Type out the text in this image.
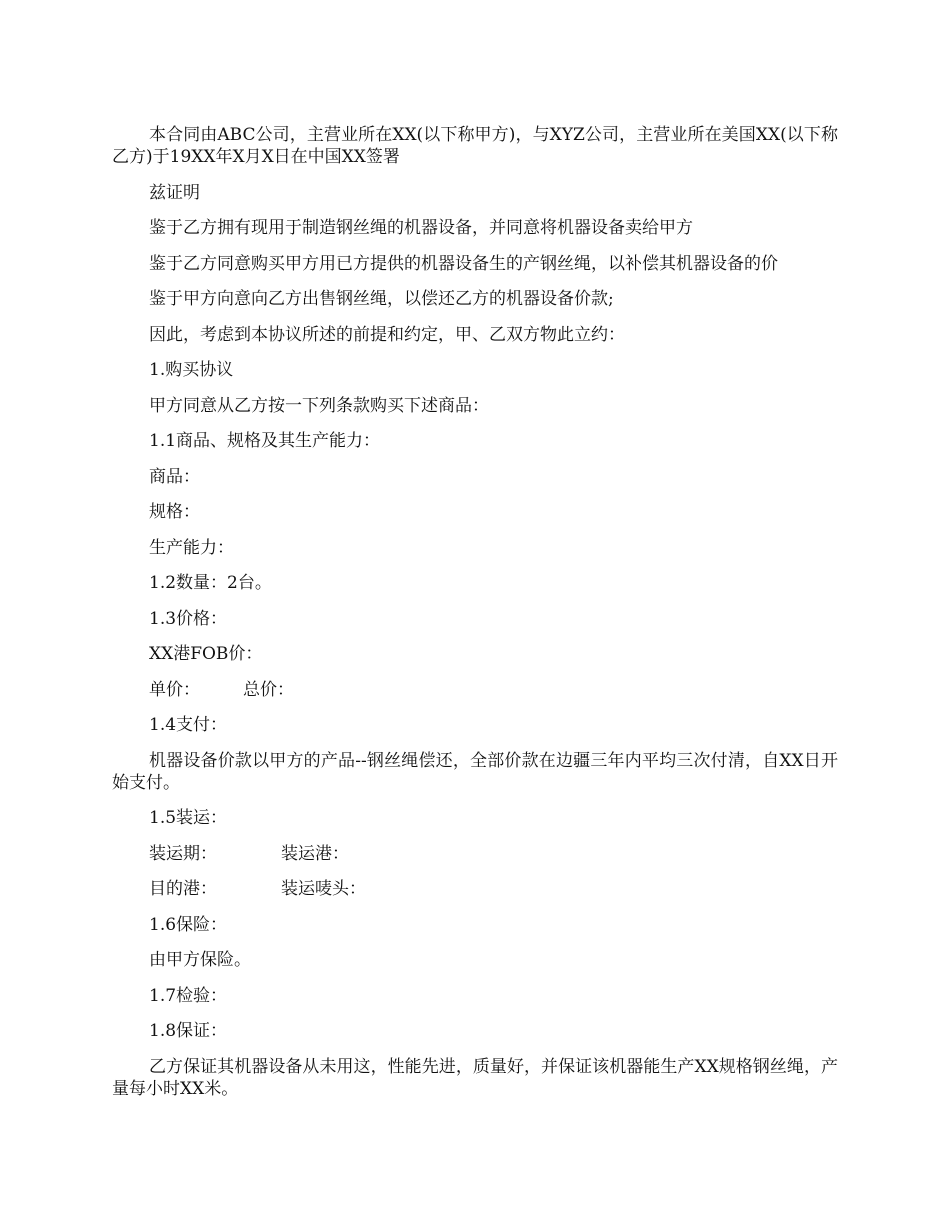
本合同由ABC公司，主营业所在XX(以下称甲方)，与XYZ公司，主营业所在美国XX(以下称乙方)于19XX年X月X日在中国XX签署

兹证明

鉴于乙方拥有现用于制造钢丝绳的机器设备，并同意将机器设备卖给甲方

鉴于乙方同意购买甲方用已方提供的机器设备生的产钢丝绳，以补偿其机器设备的价

鉴于甲方向意向乙方出售钢丝绳，以偿还乙方的机器设备价款;

因此，考虑到本协议所述的前提和约定，甲、乙双方物此立约：

1.购买协议

甲方同意从乙方按一下列条款购买下述商品：

1.1商品、规格及其生产能力：

商品：

规格：

生产能力：

1.2数量：2台。

1.3价格：

XX港FOB价：

单价：	总价：

1.4支付：

机器设备价款以甲方的产品--钢丝绳偿还，全部价款在边疆三年内平均三次付清，自XX日开始支付。

1.5装运：

装运期：	装运港：

目的港：	装运唛头：

1.6保险：

由甲方保险。

1.7检验：

1.8保证：

乙方保证其机器设备从未用这，性能先进，质量好，并保证该机器能生产XX规格钢丝绳，产量每小时XX米。
